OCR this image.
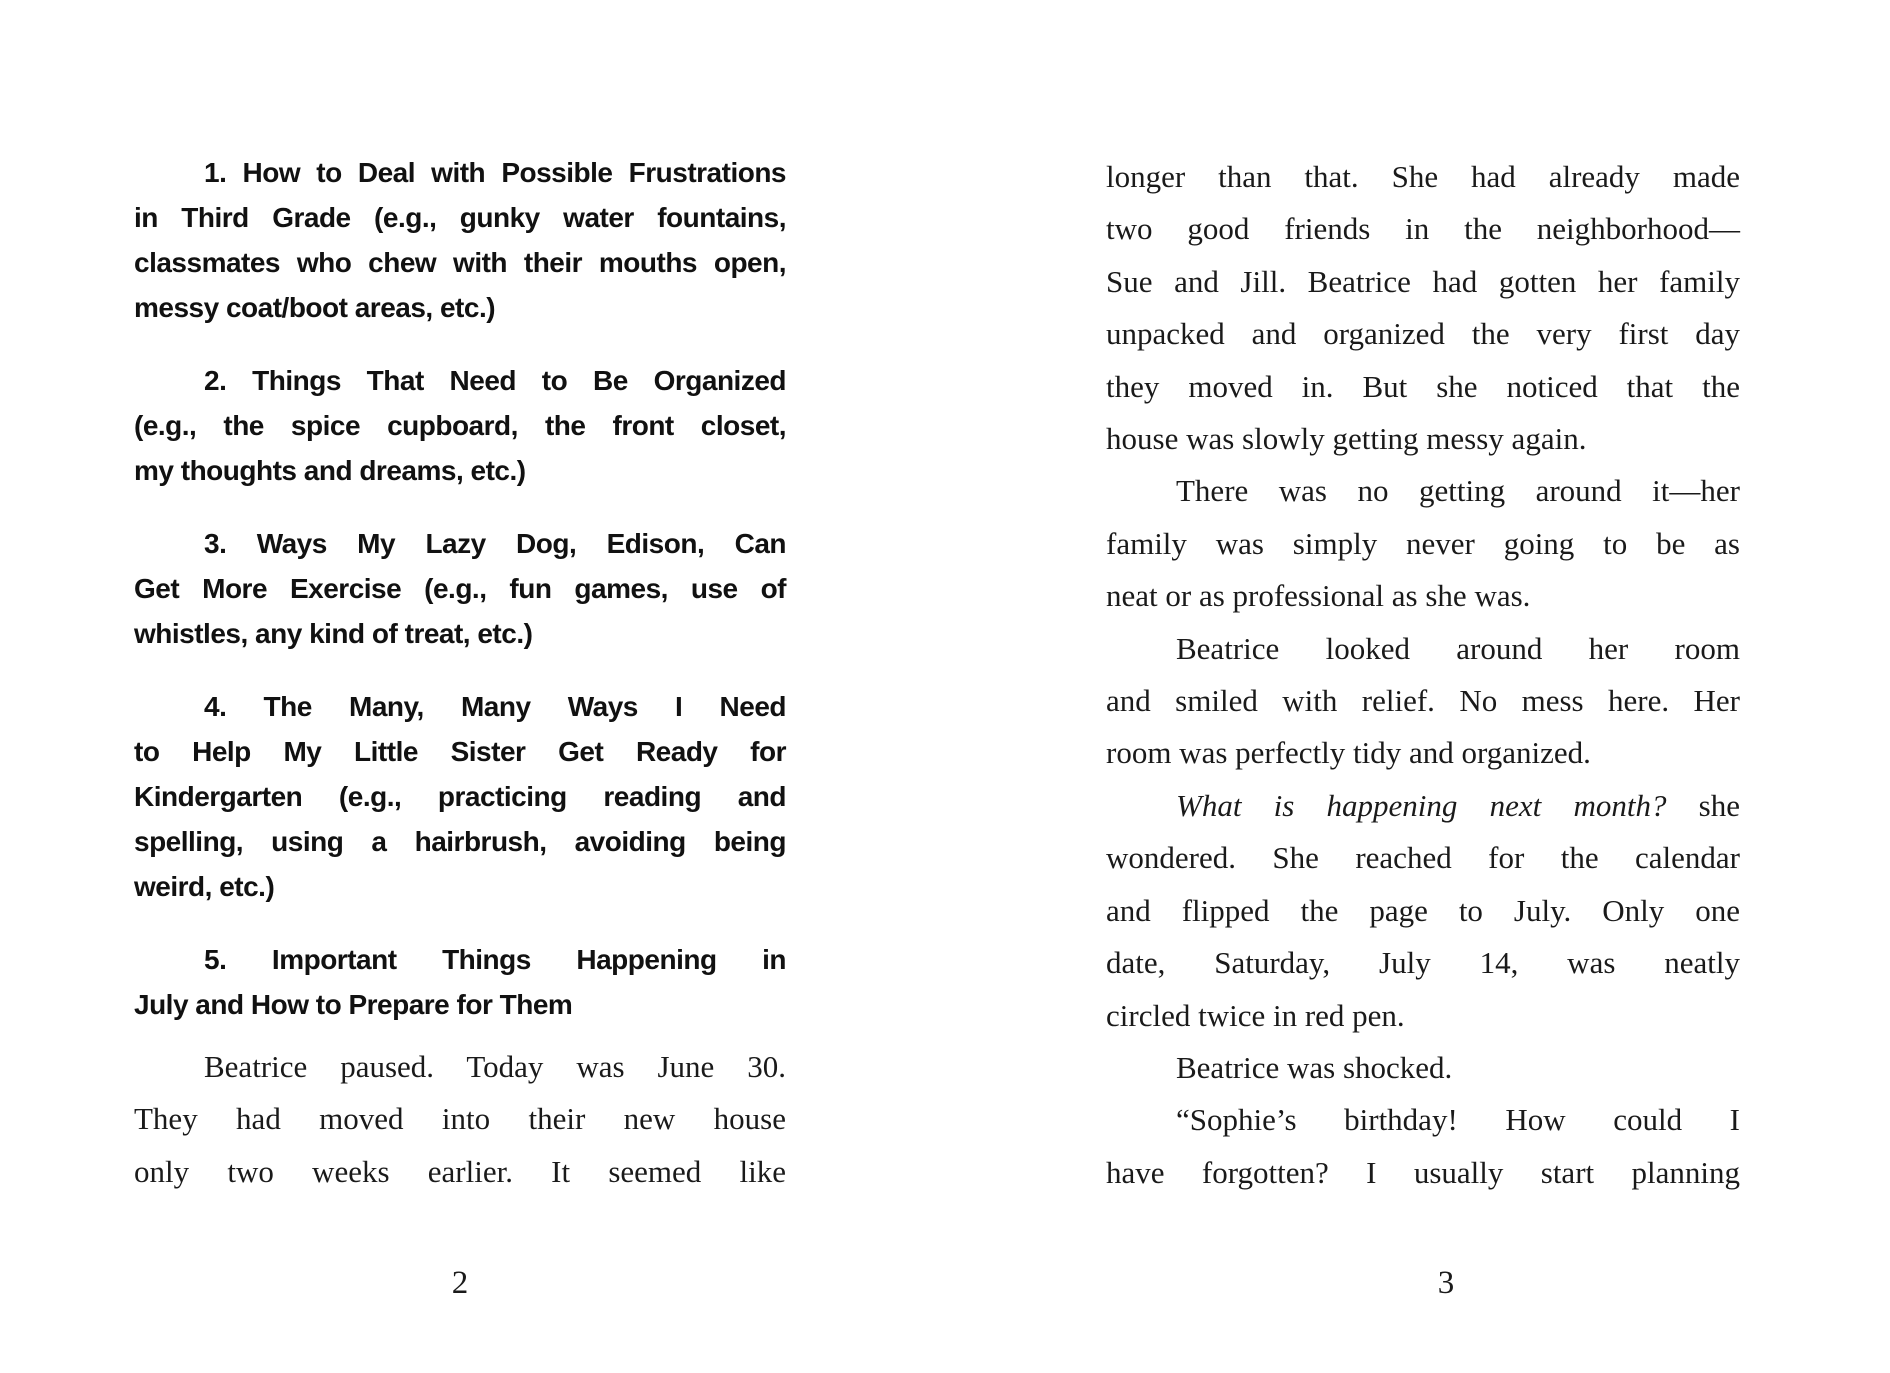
1. How to Deal with Possible Frustrations
in Third Grade (e.g., gunky water fountains,
classmates who chew with their mouths open,
messy coat/boot areas, etc.)
2. Things That Need to Be Organized
(e.g., the spice cupboard, the front closet,
my thoughts and dreams, etc.)
3. Ways My Lazy Dog, Edison, Can
Get More Exercise (e.g., fun games, use of
whistles, any kind of treat, etc.)
4. The Many, Many Ways I Need
to Help My Little Sister Get Ready for
Kindergarten (e.g., practicing reading and
spelling, using a hairbrush, avoiding being
weird, etc.)
5. Important Things Happening in
July and How to Prepare for Them
Beatrice paused. Today was June 30.
They had moved into their new house
only two weeks earlier. It seemed like
2
longer than that. She had already made
two good friends in the neighborhood—
Sue and Jill. Beatrice had gotten her family
unpacked and organized the very first day
they moved in. But she noticed that the
house was slowly getting messy again.
There was no getting around it—her
family was simply never going to be as
neat or as professional as she was.
Beatrice looked around her room
and smiled with relief. No mess here. Her
room was perfectly tidy and organized.
What is happening next month? she
wondered. She reached for the calendar
and flipped the page to July. Only one
date, Saturday, July 14, was neatly
circled twice in red pen.
Beatrice was shocked.
“Sophie’s birthday! How could I
have forgotten? I usually start planning
3
